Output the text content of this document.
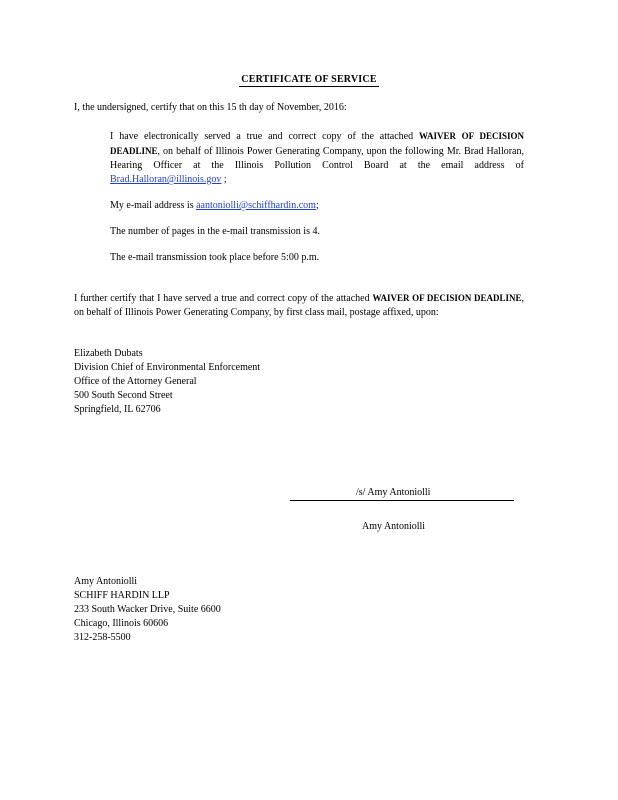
CERTIFICATE OF SERVICE
I, the undersigned, certify that on this 15 th day of November, 2016:
I have electronically served a true and correct copy of the attached WAIVER OF DECISION DEADLINE, on behalf of Illinois Power Generating Company, upon the following Mr. Brad Halloran, Hearing Officer at the Illinois Pollution Control Board at the email address of Brad.Halloran@illinois.gov ;
My e-mail address is aantoniolli@schiffhardin.com;
The number of pages in the e-mail transmission is 4.
The e-mail transmission took place before 5:00 p.m.
I further certify that I have served a true and correct copy of the attached WAIVER OF DECISION DEADLINE, on behalf of Illinois Power Generating Company, by first class mail, postage affixed, upon:
Elizabeth Dubats
Division Chief of Environmental Enforcement
Office of the Attorney General
500 South Second Street
Springfield, IL 62706
/s/ Amy Antoniolli
Amy Antoniolli
Amy Antoniolli
SCHIFF HARDIN LLP
233 South Wacker Drive, Suite 6600
Chicago, Illinois 60606
312-258-5500
